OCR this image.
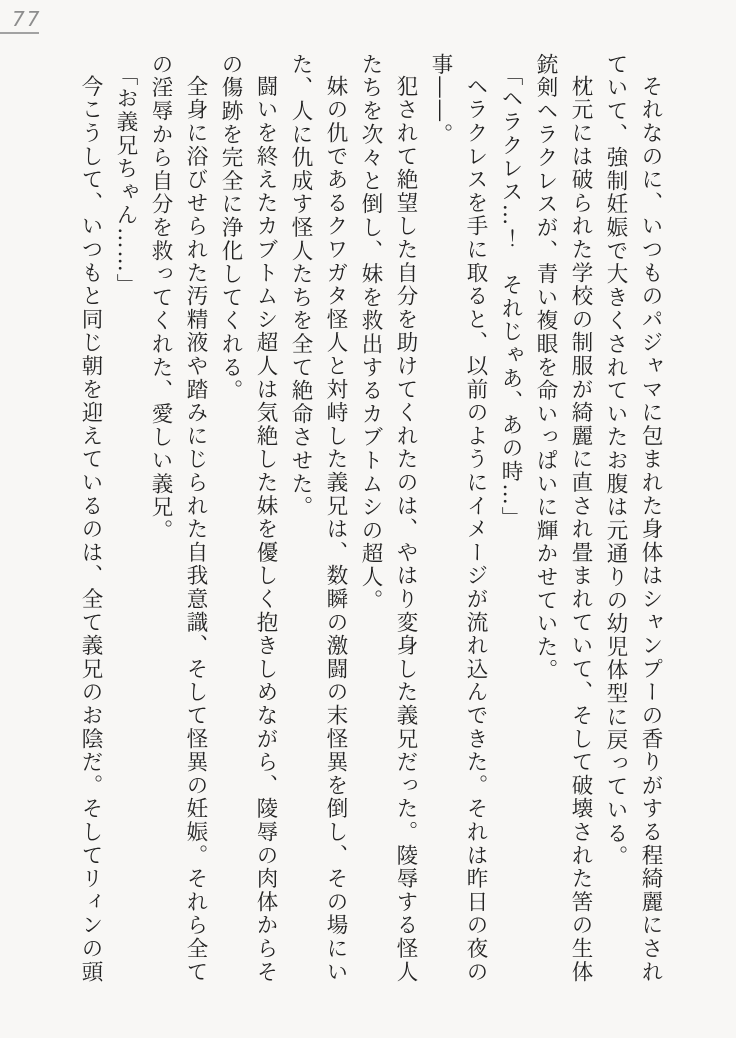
77

それなのに、いつものパジャマに包まれた身体はシャンプーの香りがする程綺麗にされていて、強制妊娠で大きくされていたお腹は元通りの幼児体型に戻っている。

枕元には破られた学校の制服が綺麗に直され畳まれていて、そして破壊された筈の生体銃剣ヘラクレスが、青い複眼を命いっぱいに輝かせていた。

「ヘラクレス…！　それじゃあ、あの時…」

ヘラクレスを手に取ると、以前のようにイメージが流れ込んできた。それは昨日の夜の事――。

犯されて絶望した自分を助けてくれたのは、やはり変身した義兄だった。陵辱する怪人たちを次々と倒し、妹を救出するカブトムシの超人。

妹の仇であるクワガタ怪人と対峙した義兄は、数瞬の激闘の末怪異を倒し、その場にいた、人に仇成す怪人たちを全て絶命させた。

闘いを終えたカブトムシ超人は気絶した妹を優しく抱きしめながら、陵辱の肉体からその傷跡を完全に浄化してくれる。

全身に浴びせられた汚精液や踏みにじられた自我意識、そして怪異の妊娠。それら全ての淫辱から自分を救ってくれた、愛しい義兄。

「お義兄ちゃん……」

今こうして、いつもと同じ朝を迎えているのは、全て義兄のお陰だ。そしてリィンの頭
